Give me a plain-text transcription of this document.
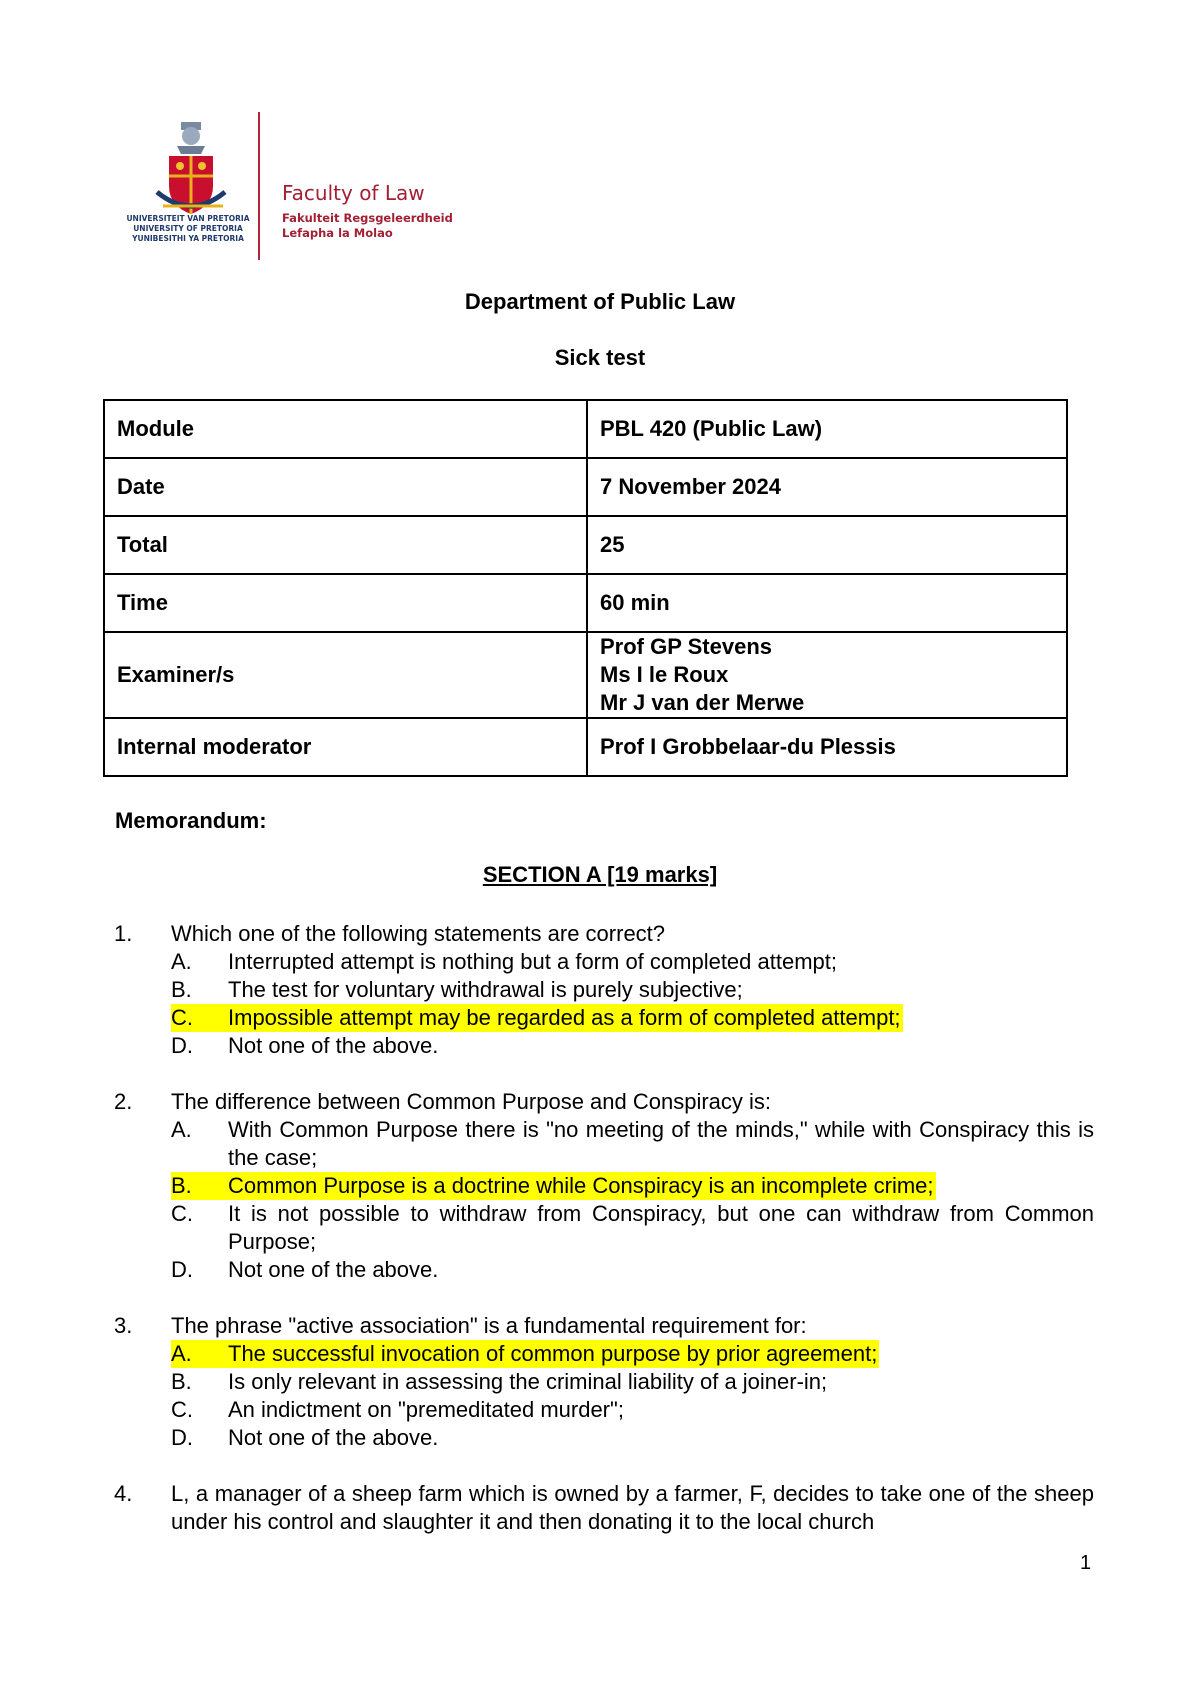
UNIVERSITEIT VAN PRETORIA
UNIVERSITY OF PRETORIA
YUNIBESITHI YA PRETORIA
Faculty of Law
Fakulteit Regsgeleerdheid
Lefapha la Molao
Department of Public Law
Sick test
Module	PBL 420 (Public Law)
Date	7 November 2024
Total	25
Time	60 min
Examiner/s	Prof GP Stevens
Ms I le Roux
Mr J van der Merwe

Internal moderator	Prof I Grobbelaar-du Plessis
Memorandum:
SECTION A [19 marks]
1. Which one of the following statements are correct?
A. Interrupted attempt is nothing but a form of completed attempt;
B. The test for voluntary withdrawal is purely subjective;
C. Impossible attempt may be regarded as a form of completed attempt;
D. Not one of the above.
2. The difference between Common Purpose and Conspiracy is:
A. With Common Purpose there is "no meeting of the minds," while with Conspiracy this is the case;
B. Common Purpose is a doctrine while Conspiracy is an incomplete crime;
C. It is not possible to withdraw from Conspiracy, but one can withdraw from Common Purpose;
D. Not one of the above.
3. The phrase "active association" is a fundamental requirement for:
A. The successful invocation of common purpose by prior agreement;
B. Is only relevant in assessing the criminal liability of a joiner-in;
C. An indictment on "premeditated murder";
D. Not one of the above.
4. L, a manager of a sheep farm which is owned by a farmer, F, decides to take one of the sheep under his control and slaughter it and then donating it to the local church
1
